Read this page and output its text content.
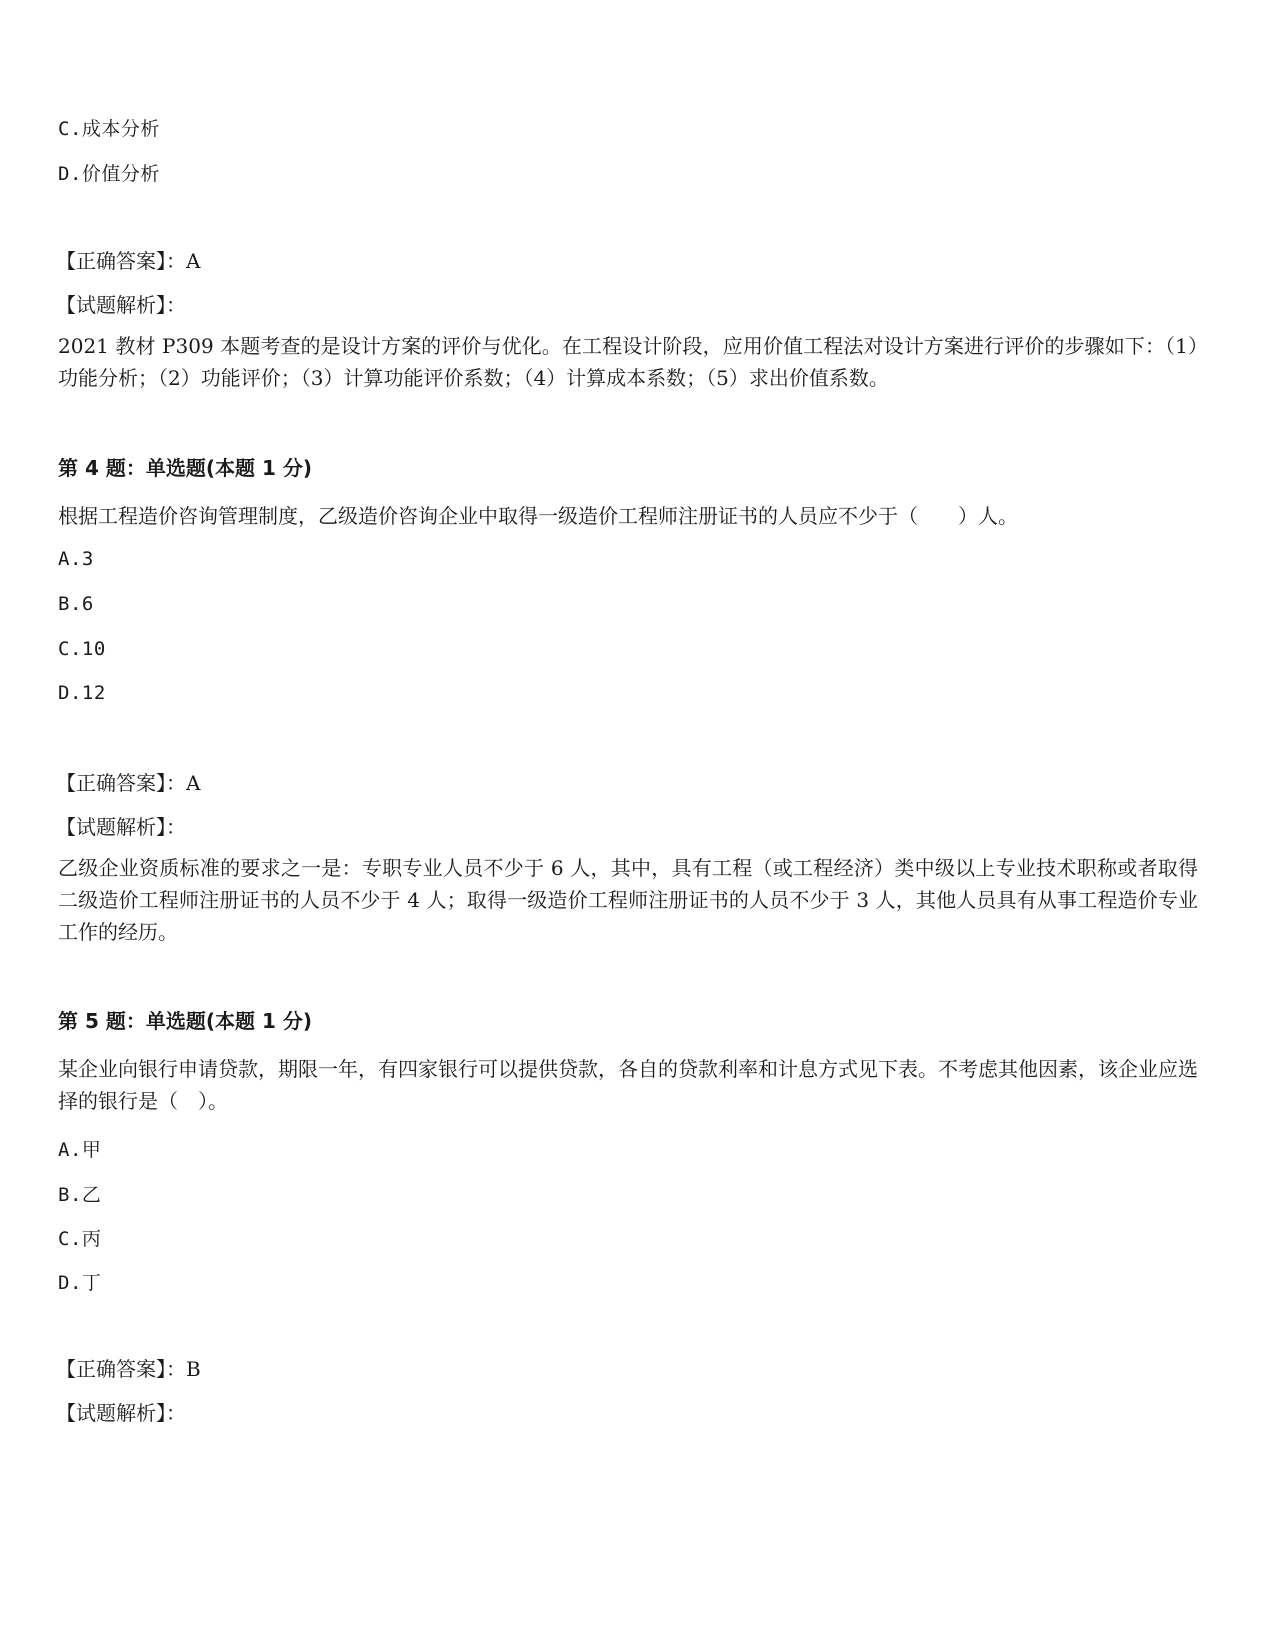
C.成本分析

D.价值分析

【正确答案】：A

【试题解析】：

2021 教材 P309 本题考查的是设计方案的评价与优化。在工程设计阶段，应用价值工程法对设计方案进行评价的步骤如下：（1）功能分析；（2）功能评价；（3）计算功能评价系数；（4）计算成本系数；（5）求出价值系数。

第 4 题：单选题(本题 1 分)

根据工程造价咨询管理制度，乙级造价咨询企业中取得一级造价工程师注册证书的人员应不少于（　　）人。

A.3

B.6

C.10

D.12

【正确答案】：A

【试题解析】：

乙级企业资质标准的要求之一是：专职专业人员不少于 6 人，其中，具有工程（或工程经济）类中级以上专业技术职称或者取得二级造价工程师注册证书的人员不少于 4 人；取得一级造价工程师注册证书的人员不少于 3 人，其他人员具有从事工程造价专业工作的经历。

第 5 题：单选题(本题 1 分)

某企业向银行申请贷款，期限一年，有四家银行可以提供贷款，各自的贷款利率和计息方式见下表。不考虑其他因素，该企业应选择的银行是（　）。

A.甲

B.乙

C.丙

D.丁

【正确答案】：B

【试题解析】：
